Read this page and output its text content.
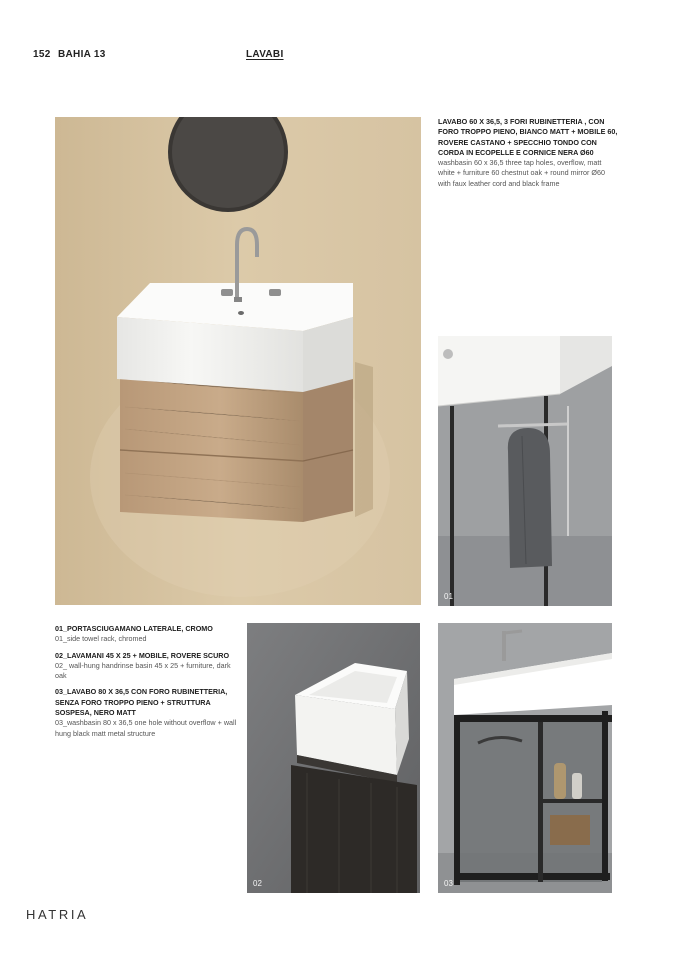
152 BAHIA 13	LAVABI
LAVABO 60 X 36,5, 3 FORI RUBINETTERIA , CON FORO TROPPO PIENO, BIANCO MATT + MOBILE 60, ROVERE CASTANO + SPECCHIO TONDO CON CORDA IN ECOPELLE E CORNICE NERA Ø60
washbasin 60 x 36,5 three tap holes, overflow, matt white + furniture 60 chestnut oak + round mirror Ø60 with faux leather cord and black frame
01
01_PORTASCIUGAMANO LATERALE, CROMO
01_side towel rack, chromed
02_LAVAMANI 45 X 25 + MOBILE, ROVERE SCURO
02_ wall-hung handrinse basin 45 x 25 + furniture, dark oak
03_LAVABO 80 X 36,5 CON FORO RUBINETTERIA, SENZA FORO TROPPO PIENO + STRUTTURA SOSPESA, NERO MATT
03_washbasin 80 x 36,5 one hole without overflow + wall hung black matt metal structure
02	03
HATRIA
